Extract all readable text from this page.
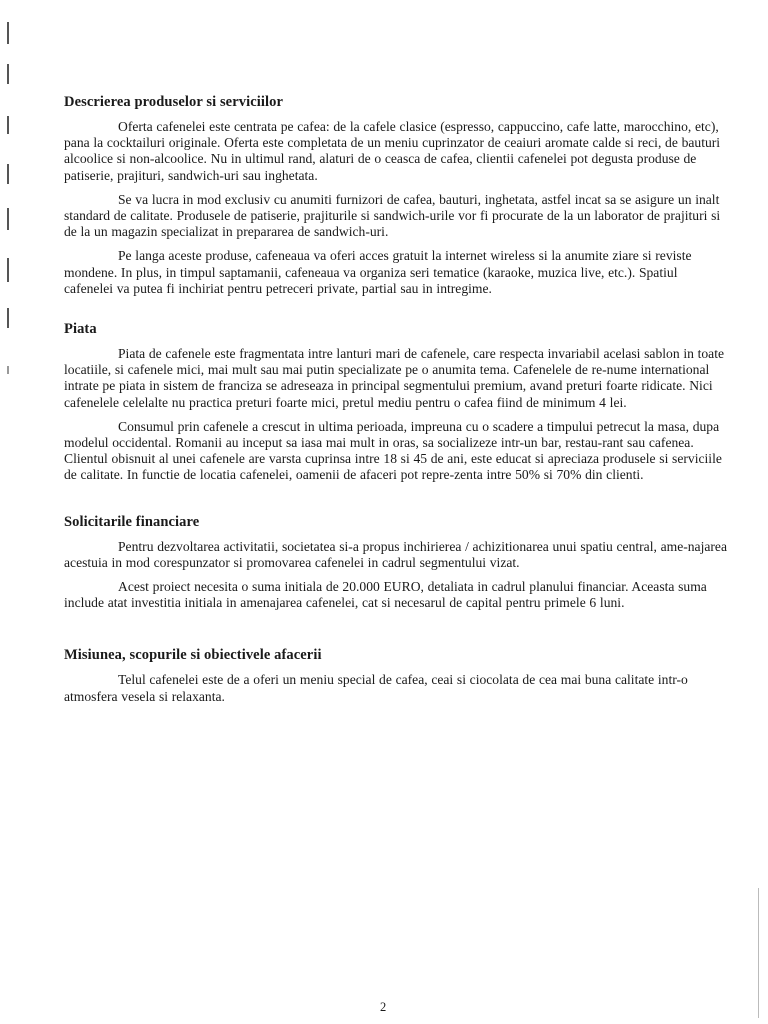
Descrierea produselor si serviciilor

Oferta cafenelei este centrata pe cafea: de la cafele clasice (espresso, cappuccino, cafe latte, marocchino, etc), pana la cocktailuri originale. Oferta este completata de un meniu cuprinzator de ceaiuri aromate calde si reci, de bauturi alcoolice si non-alcoolice. Nu in ultimul rand, alaturi de o ceasca de cafea, clientii cafenelei pot degusta produse de patiserie, prajituri, sandwich-uri sau inghetata.

Se va lucra in mod exclusiv cu anumiti furnizori de cafea, bauturi, inghetata, astfel incat sa se asigure un inalt standard de calitate. Produsele de patiserie, prajiturile si sandwich-urile vor fi procurate de la un laborator de prajituri si de la un magazin specializat in prepararea de sandwich-uri.

Pe langa aceste produse, cafeneaua va oferi acces gratuit la internet wireless si la anumite ziare si reviste mondene. In plus, in timpul saptamanii, cafeneaua va organiza seri tematice (karaoke, muzica live, etc.). Spatiul cafenelei va putea fi inchiriat pentru petreceri private, partial sau in intregime.

Piata

Piata de cafenele este fragmentata intre lanturi mari de cafenele, care respecta invariabil acelasi sablon in toate locatiile, si cafenele mici, mai mult sau mai putin specializate pe o anumita tema. Cafenelele de re-nume international intrate pe piata in sistem de franciza se adreseaza in principal segmentului premium, avand preturi foarte ridicate. Nici cafenelele celelalte nu practica preturi foarte mici, pretul mediu pentru o cafea fiind de minimum 4 lei.

Consumul prin cafenele a crescut in ultima perioada, impreuna cu o scadere a timpului petrecut la masa, dupa modelul occidental. Romanii au inceput sa iasa mai mult in oras, sa socializeze intr-un bar, restau-rant sau cafenea. Clientul obisnuit al unei cafenele are varsta cuprinsa intre 18 si 45 de ani, este educat si apreciaza produsele si serviciile de calitate. In functie de locatia cafenelei, oamenii de afaceri pot repre-zenta intre 50% si 70% din clienti.

Solicitarile financiare

Pentru dezvoltarea activitatii, societatea si-a propus inchirierea / achizitionarea unui spatiu central, ame-najarea acestuia in mod corespunzator si promovarea cafenelei in cadrul segmentului vizat.

Acest proiect necesita o suma initiala de 20.000 EURO, detaliata in cadrul planului financiar. Aceasta suma include atat investitia initiala in amenajarea cafenelei, cat si necesarul de capital pentru primele 6 luni.

Misiunea, scopurile si obiectivele afacerii

Telul cafenelei este de a oferi un meniu special de cafea, ceai si ciocolata de cea mai buna calitate intr-o atmosfera vesela si relaxanta.

2
